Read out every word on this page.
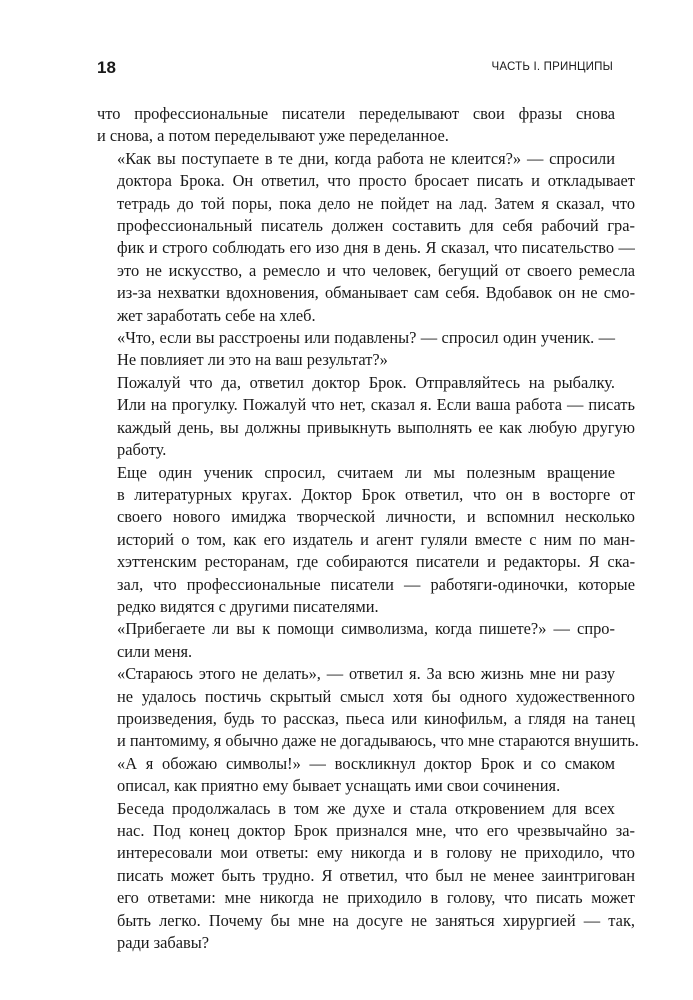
18	ЧАСТЬ I. ПРИНЦИПЫ

что профессиональные писатели переделывают свои фразы снова
и снова, а потом переделывают уже переделанное.

«Как вы поступаете в те дни, когда работа не клеится?» — спросили
доктора Брока. Он ответил, что просто бросает писать и откладывает
тетрадь до той поры, пока дело не пойдет на лад. Затем я сказал, что
профессиональный писатель должен составить для себя рабочий гра-
фик и строго соблюдать его изо дня в день. Я сказал, что писательство —
это не искусство, а ремесло и что человек, бегущий от своего ремесла
из-за нехватки вдохновения, обманывает сам себя. Вдобавок он не смо-
жет заработать себе на хлеб.

«Что, если вы расстроены или подавлены? — спросил один ученик. —
Не повлияет ли это на ваш результат?»

Пожалуй что да, ответил доктор Брок. Отправляйтесь на рыбалку.
Или на прогулку. Пожалуй что нет, сказал я. Если ваша работа — писать
каждый день, вы должны привыкнуть выполнять ее как любую другую
работу.

Еще один ученик спросил, считаем ли мы полезным вращение
в литературных кругах. Доктор Брок ответил, что он в восторге от
своего нового имиджа творческой личности, и вспомнил несколько
историй о том, как его издатель и агент гуляли вместе с ним по ман-
хэттенским ресторанам, где собираются писатели и редакторы. Я ска-
зал, что профессиональные писатели — работяги-одиночки, которые
редко видятся с другими писателями.

«Прибегаете ли вы к помощи символизма, когда пишете?» — спро-
сили меня.

«Стараюсь этого не делать», — ответил я. За всю жизнь мне ни разу
не удалось постичь скрытый смысл хотя бы одного художественного
произведения, будь то рассказ, пьеса или кинофильм, а глядя на танец
и пантомиму, я обычно даже не догадываюсь, что мне стараются внушить.

«А я обожаю символы!» — воскликнул доктор Брок и со смаком
описал, как приятно ему бывает уснащать ими свои сочинения.

Беседа продолжалась в том же духе и стала откровением для всех
нас. Под конец доктор Брок признался мне, что его чрезвычайно за-
интересовали мои ответы: ему никогда и в голову не приходило, что
писать может быть трудно. Я ответил, что был не менее заинтригован
его ответами: мне никогда не приходило в голову, что писать может
быть легко. Почему бы мне на досуге не заняться хирургией — так,
ради забавы?
